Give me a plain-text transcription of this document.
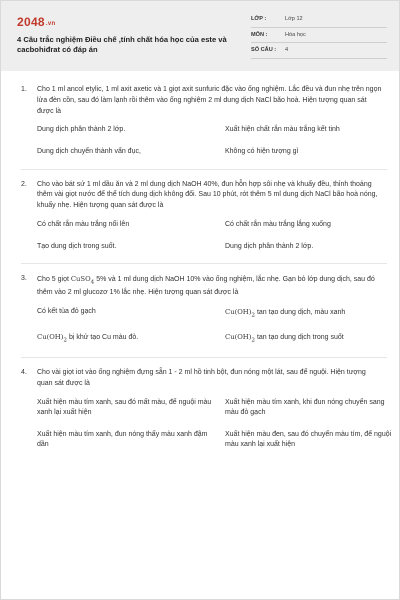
2048.vn
4 Câu trắc nghiệm Điều chế ,tính chất hóa học của este và cacbohiđrat có đáp án
LỚP :	Lớp 12
MÔN :	Hóa học
SỐ CÂU :	4
1.	Cho 1 ml ancol etylic, 1 ml axit axetic và 1 giọt axit sunfuric đặc vào ống nghiệm. Lắc đều và đun nhẹ trên ngọn lửa đèn cồn, sau đó làm lạnh rồi thêm vào ống nghiệm 2 ml dung dịch NaCl bão hoà. Hiện tượng quan sát được là
Dung dịch phân thành 2 lớp.	Xuất hiện chất rắn màu trắng kết tinh
Dung dịch chuyển thành vẩn đục,	Không có hiện tượng gì
2.	Cho vào bát sứ 1 ml dầu ăn và 2 ml dung dịch NaOH 40%, đun hỗn hợp sôi nhẹ và khuấy đều, thỉnh thoảng thêm vài giọt nước để thể tích dung dịch không đổi. Sau 10 phút, rót thêm 5 ml dung dịch NaCl bão hoà nóng, khuấy nhẹ. Hiện tượng quan sát được là
Có chất rắn màu trắng nổi lên	Có chất rắn màu trắng lắng xuống
Tạo dung dịch trong suốt.	Dung dịch phân thành 2 lớp.
3.	Cho 5 giọt CuSO$_4$ 5% và 1 ml dung dịch NaOH 10% vào ống nghiệm, lắc nhẹ. Gạn bỏ lớp dung dịch, sau đó thêm vào 2 ml glucozơ 1% lắc nhẹ. Hiện tượng quan sát được là
Có kết tủa đỏ gạch	$Cu(OH)_2$ tan tạo dung dịch, màu xanh
$Cu(OH)_2$ bị khử tạo Cu màu đỏ.	$Cu(OH)_2$ tan tạo dung dịch trong suốt
4.	Cho vài giọt iot vào ống nghiệm đựng sẵn 1 - 2 ml hồ tinh bột, đun nóng một lát, sau để nguội. Hiện tượng quan sát được là
Xuất hiện màu tím xanh, sau đó mất màu, để nguội màu xanh lại xuất hiện
Xuất hiện màu tím xanh, khi đun nóng chuyển sang màu đỏ gạch
Xuất hiện màu tím xanh, đun nóng thấy màu xanh đậm dần
Xuất hiện màu đen, sau đó chuyển màu tím, để nguội màu xanh lại xuất hiện
